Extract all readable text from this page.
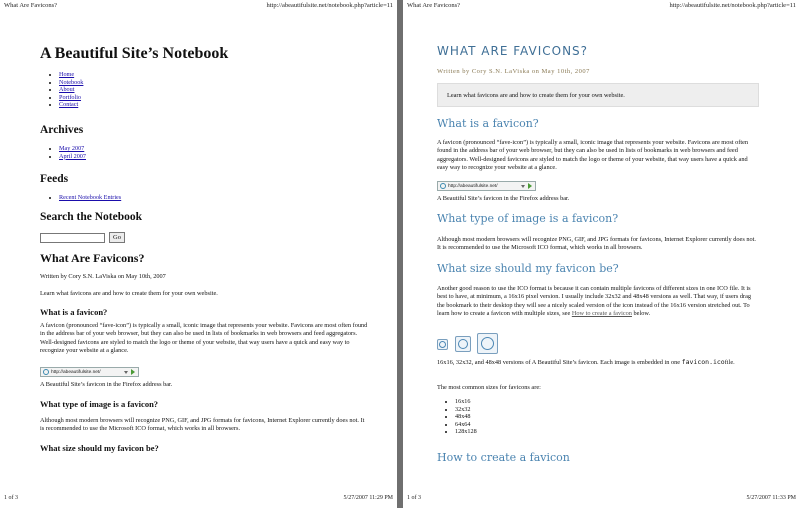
What Are Favicons?	http://abeautifulsite.net/notebook.php?article=11
A Beautiful Site’s Notebook
• Home
• Notebook
• About
• Portfolio
• Contact
Archives
• May 2007
• April 2007
Feeds
• Recent Notebook Entries
Search the Notebook
Go
What Are Favicons?

Written by Cory S.N. LaViska on May 10th, 2007

Learn what favicons are and how to create them for your own website.

What is a favicon?

A favicon (pronounced “fave-icon”) is typically a small, iconic image that represents your website. Favicons are most often found in the address bar of your web browser, but they can also be used in lists of bookmarks in web browsers and feed aggregators. Well-designed favicons are styled to match the logo or theme of your website, that way users have a quick and easy way to recognize your website at a glance.

http://abeautifulsite.net/

A Beautiful Site’s favicon in the Firefox address bar.

What type of image is a favicon?

Although most modern browsers will recognize PNG, GIF, and JPG formats for favicons, Internet Explorer currently does not. It is recommended to use the Microsoft ICO format, which works in all browsers.

What size should my favicon be?
1 of 3	5/27/2007 11:29 PM
What Are Favicons?	http://abeautifulsite.net/notebook.php?article=11
WHAT ARE FAVICONS?

Written by Cory S.N. LaViska on May 10th, 2007

Learn what favicons are and how to create them for your own website.

What is a favicon?

A favicon (pronounced “fave-icon”) is typically a small, iconic image that represents your website. Favicons are most often found in the address bar of your web browser, but they can also be used in lists of bookmarks in web browsers and feed aggregators. Well-designed favicons are styled to match the logo or theme of your website, that way users have a quick and easy way to recognize your website at a glance.

http://abeautifulsite.net/

A Beautiful Site’s favicon in the Firefox address bar.

What type of image is a favicon?

Although most modern browsers will recognize PNG, GIF, and JPG formats for favicons, Internet Explorer currently does not. It is recommended to use the Microsoft ICO format, which works in all browsers.

What size should my favicon be?

Another good reason to use the ICO format is because it can contain multiple favicons of different sizes in one ICO file. It is best to have, at minimum, a 16x16 pixel version. I usually include 32x32 and 48x48 versions as well. That way, if users drag the bookmark to their desktop they will see a nicely scaled version of the icon instead of the 16x16 version stretched out. To learn how to create a favicon with multiple sizes, see How to create a favicon below.

16x16, 32x32, and 48x48 versions of A Beautiful Site’s favicon. Each image is embedded in one favicon.icofile.

The most common sizes for favicons are:

• 16x16
• 32x32
• 48x48
• 64x64
• 128x128
How to create a favicon
1 of 3	5/27/2007 11:33 PM
